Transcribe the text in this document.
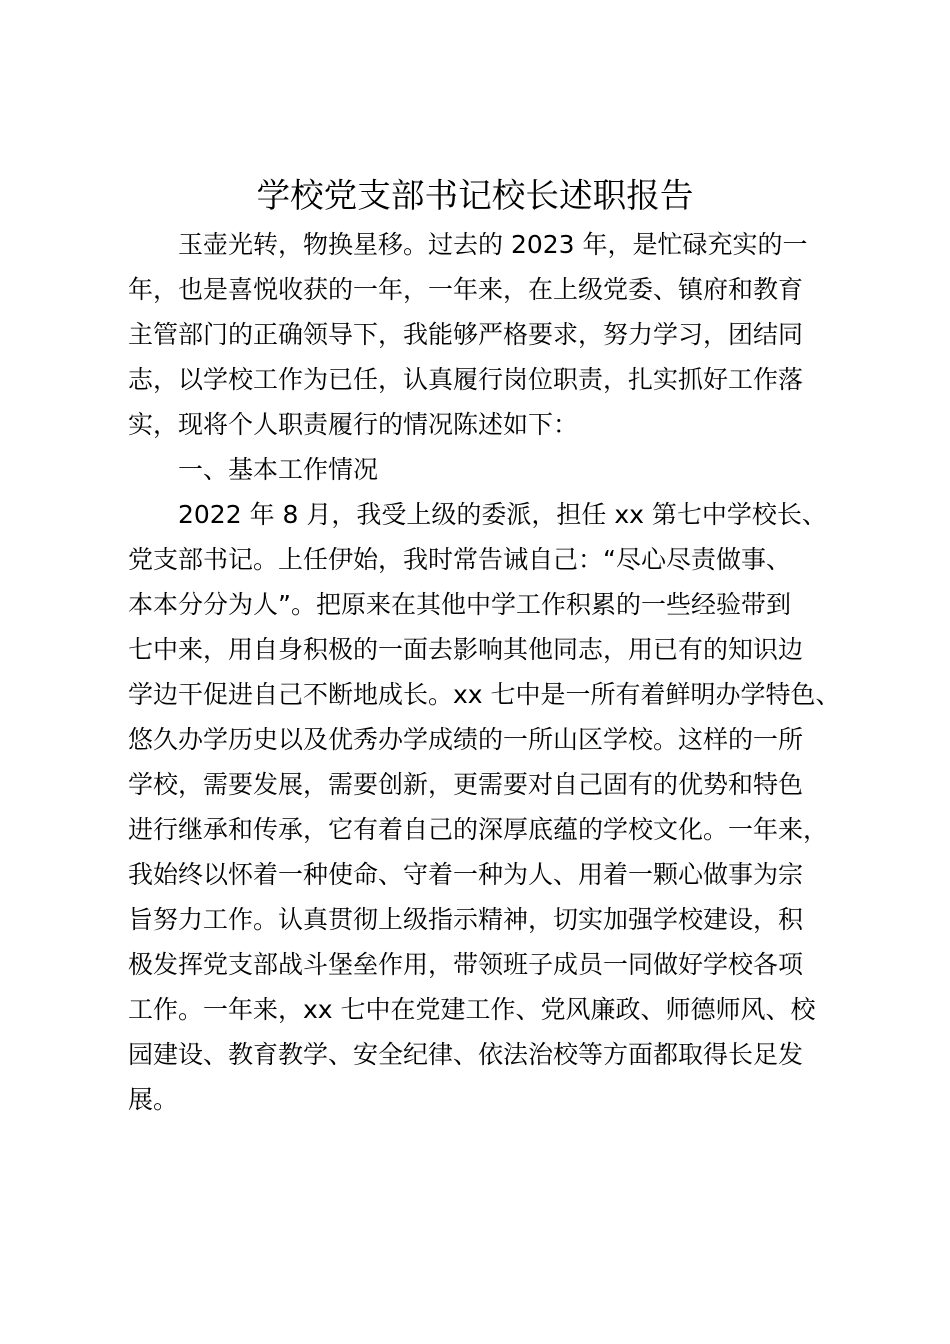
学校党支部书记校长述职报告
玉壶光转，物换星移。过去的 2023 年，是忙碌充实的一
年，也是喜悦收获的一年，一年来，在上级党委、镇府和教育
主管部门的正确领导下，我能够严格要求，努力学习，团结同
志，以学校工作为已任，认真履行岗位职责，扎实抓好工作落
实，现将个人职责履行的情况陈述如下：
一、基本工作情况
2022 年 8 月，我受上级的委派，担任 xx 第七中学校长、
党支部书记。上任伊始，我时常告诫自己：“尽心尽责做事、
本本分分为人”。把原来在其他中学工作积累的一些经验带到
七中来，用自身积极的一面去影响其他同志，用已有的知识边
学边干促进自己不断地成长。xx 七中是一所有着鲜明办学特色、
悠久办学历史以及优秀办学成绩的一所山区学校。这样的一所
学校，需要发展，需要创新，更需要对自己固有的优势和特色
进行继承和传承，它有着自己的深厚底蕴的学校文化。一年来，
我始终以怀着一种使命、守着一种为人、用着一颗心做事为宗
旨努力工作。认真贯彻上级指示精神，切实加强学校建设，积
极发挥党支部战斗堡垒作用，带领班子成员一同做好学校各项
工作。一年来，xx 七中在党建工作、党风廉政、师德师风、校
园建设、教育教学、安全纪律、依法治校等方面都取得长足发
展。
